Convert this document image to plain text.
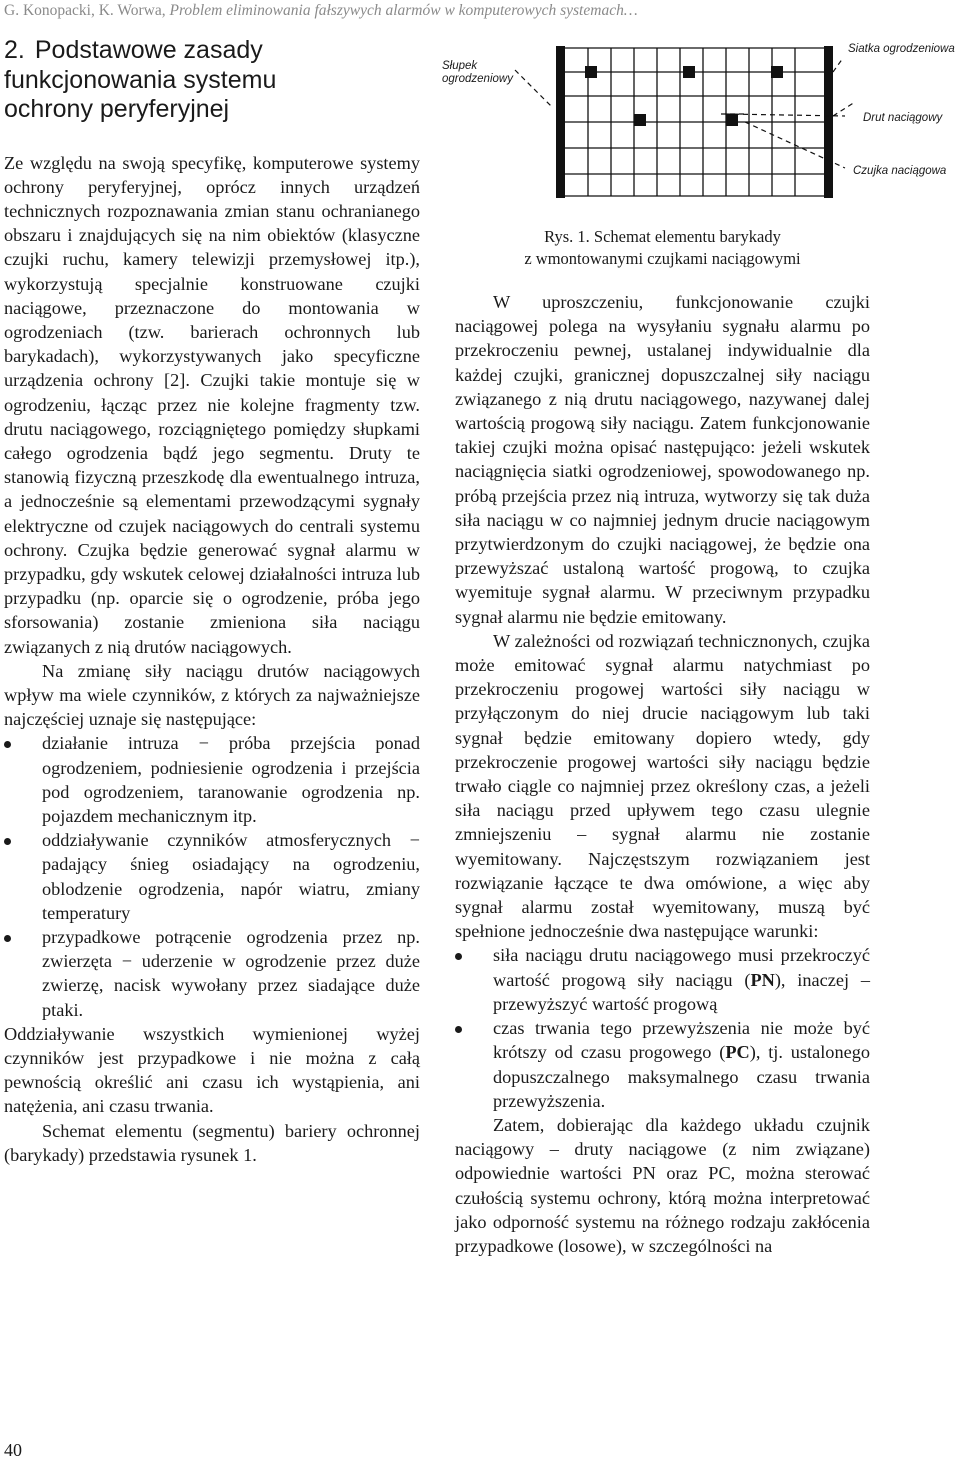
G. Konopacki, K. Worwa, Problem eliminowania fałszywych alarmów w komputerowych systemach…
2. Podstawowe zasady
funkcjonowania systemu
ochrony peryferyjnej

Ze względu na swoją specyfikę, komputerowe systemy ochrony peryferyjnej, oprócz innych urządzeń technicznych rozpoznawania zmian stanu ochranianego obszaru i znajdujących się na nim obiektów (klasyczne czujki ruchu, kamery telewizji przemysłowej itp.), wykorzystują specjalnie konstruowane czujki naciągowe, przeznaczone do montowania w ogrodzeniach (tzw. barierach ochronnych lub barykadach), wykorzystywanych jako specyficzne urządzenia ochrony [2]. Czujki takie montuje się w ogrodzeniu, łącząc przez nie kolejne fragmenty tzw. drutu naciągowego, rozciągniętego pomiędzy słupkami całego ogrodzenia bądź jego segmentu. Druty te stanowią fizyczną przeszkodę dla ewentualnego intruza, a jednocześnie są elementami przewodzącymi sygnały elektryczne od czujek naciągowych do centrali systemu ochrony. Czujka będzie generować sygnał alarmu w przypadku, gdy wskutek celowej działalności intruza lub przypadku (np. oparcie się o ogrodzenie, próba jego sforsowania) zostanie zmieniona siła naciągu związanych z nią drutów naciągowych.

Na zmianę siły naciągu drutów naciągowych wpływ ma wiele czynników, z których za najważniejsze najczęściej uznaje się następujące:

działanie intruza − próba przejścia ponad ogrodzeniem, podniesienie ogrodzenia i przejścia pod ogrodzeniem, taranowanie ogrodzenia np. pojazdem mechanicznym itp.
oddziaływanie czynników atmosferycznych − padający śnieg osiadający na ogrodzeniu, oblodzenie ogrodzenia, napór wiatru, zmiany temperatury
przypadkowe potrącenie ogrodzenia przez np. zwierzęta − uderzenie w ogrodzenie przez duże zwierzę, nacisk wywołany przez siadające duże ptaki.

Oddziaływanie wszystkich wymienionej wyżej czynników jest przypadkowe i nie można z całą pewnością określić ani czasu ich wystąpienia, ani natężenia, ani czasu trwania.

Schemat elementu (segmentu) bariery ochronnej (barykady) przedstawia rysunek 1.

Słupek
ogrodzeniowy
Siatka ogrodzeniowa
Drut naciągowy
Czujka naciągowa
Rys. 1. Schemat elementu barykady
z wmontowanymi czujkami naciągowymi

W uproszczeniu, funkcjonowanie czujki naciągowej polega na wysyłaniu sygnału alarmu po przekroczeniu pewnej, ustalanej indywidualnie dla każdej czujki, granicznej dopuszczalnej siły naciągu związanego z nią drutu naciągowego, nazywanej dalej wartością progową siły naciągu. Zatem funkcjonowanie takiej czujki można opisać następująco: jeżeli wskutek naciągnięcia siatki ogrodzeniowej, spowodowanego np. próbą przejścia przez nią intruza, wytworzy się tak duża siła naciągu w co najmniej jednym drucie naciągowym przytwierdzonym do czujki naciągowej, że będzie ona przewyższać ustaloną wartość progową, to czujka wyemituje sygnał alarmu. W przeciwnym przypadku sygnał alarmu nie będzie emitowany.

W zależności od rozwiązań technicznonych, czujka może emitować sygnał alarmu natychmiast po przekroczeniu progowej wartości siły naciągu w przyłączonym do niej drucie naciągowym lub taki sygnał będzie emitowany dopiero wtedy, gdy przekroczenie progowej wartości siły naciągu będzie trwało ciągle co najmniej przez określony czas, a jeżeli siła naciągu przed upływem tego czasu ulegnie zmniejszeniu – sygnał alarmu nie zostanie wyemitowany. Najczęstszym rozwiązaniem jest rozwiązanie łączące te dwa omówione, a więc aby sygnał alarmu został wyemitowany, muszą być spełnione jednocześnie dwa następujące warunki:

siła naciągu drutu naciągowego musi przekroczyć wartość progową siły naciągu (PN), inaczej – przewyższyć wartość progową
czas trwania tego przewyższenia nie może być krótszy od czasu progowego (PC), tj. ustalonego dopuszczalnego maksymalnego czasu trwania przewyższenia.

Zatem, dobierając dla każdego układu czujnik naciągowy – druty naciągowe (z nim związane) odpowiednie wartości PN oraz PC, można sterować czułością systemu ochrony, którą można interpretować jako odporność systemu na różnego rodzaju zakłócenia przypadkowe (losowe), w szczególności na

40
